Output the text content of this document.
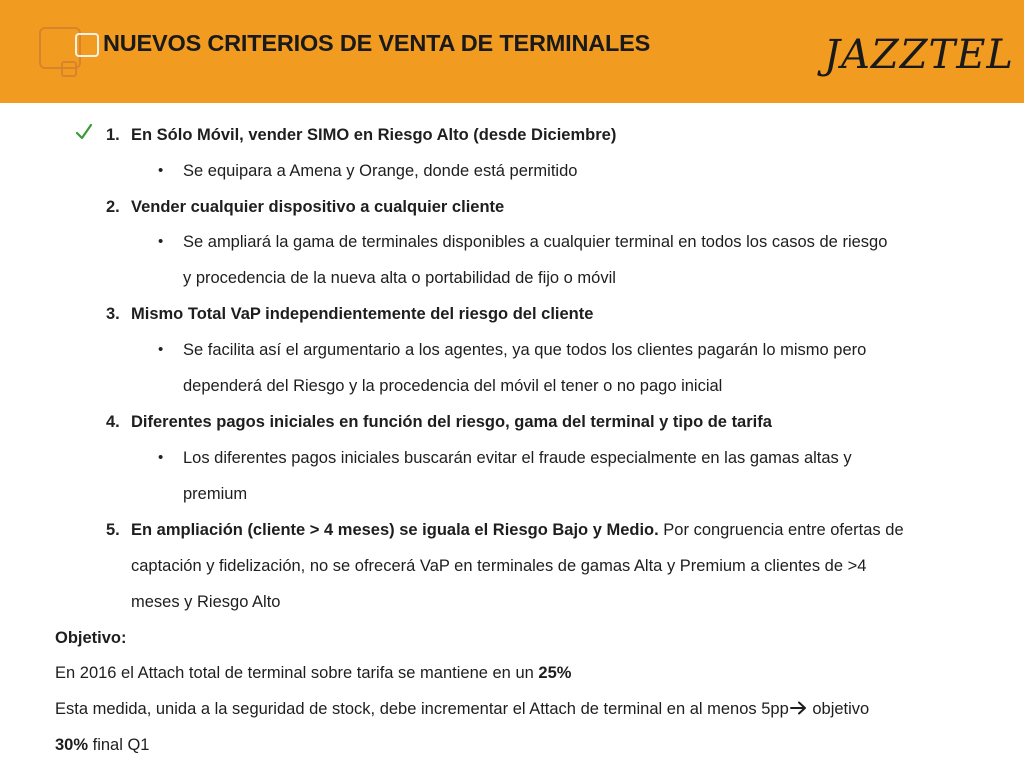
NUEVOS CRITERIOS DE VENTA DE TERMINALES	JAZZTEL
1. En Sólo Móvil, vender SIMO en Riesgo Alto (desde Diciembre)
• Se equipara a Amena y Orange, donde está permitido
2. Vender cualquier dispositivo a cualquier cliente
• Se ampliará la gama de terminales disponibles a cualquier terminal en todos los casos de riesgo
y procedencia de la nueva alta o portabilidad de fijo o móvil
3. Mismo Total VaP independientemente del riesgo del cliente
• Se facilita así el argumentario a los agentes, ya que todos los clientes pagarán lo mismo pero
dependerá del Riesgo y la procedencia del móvil el tener o no pago inicial
4. Diferentes pagos iniciales en función del riesgo, gama del terminal y tipo de tarifa
• Los diferentes pagos iniciales buscarán evitar el fraude especialmente en las gamas altas y
premium
5. En ampliación (cliente > 4 meses) se iguala el Riesgo Bajo y Medio. Por congruencia entre ofertas de
captación y fidelización, no se ofrecerá VaP en terminales de gamas Alta y Premium a clientes de >4
meses y Riesgo Alto
Objetivo:
En 2016 el Attach total de terminal sobre tarifa se mantiene en un 25%
Esta medida, unida a la seguridad de stock, debe incrementar el Attach de terminal en al menos 5pp objetivo
30% final Q1
